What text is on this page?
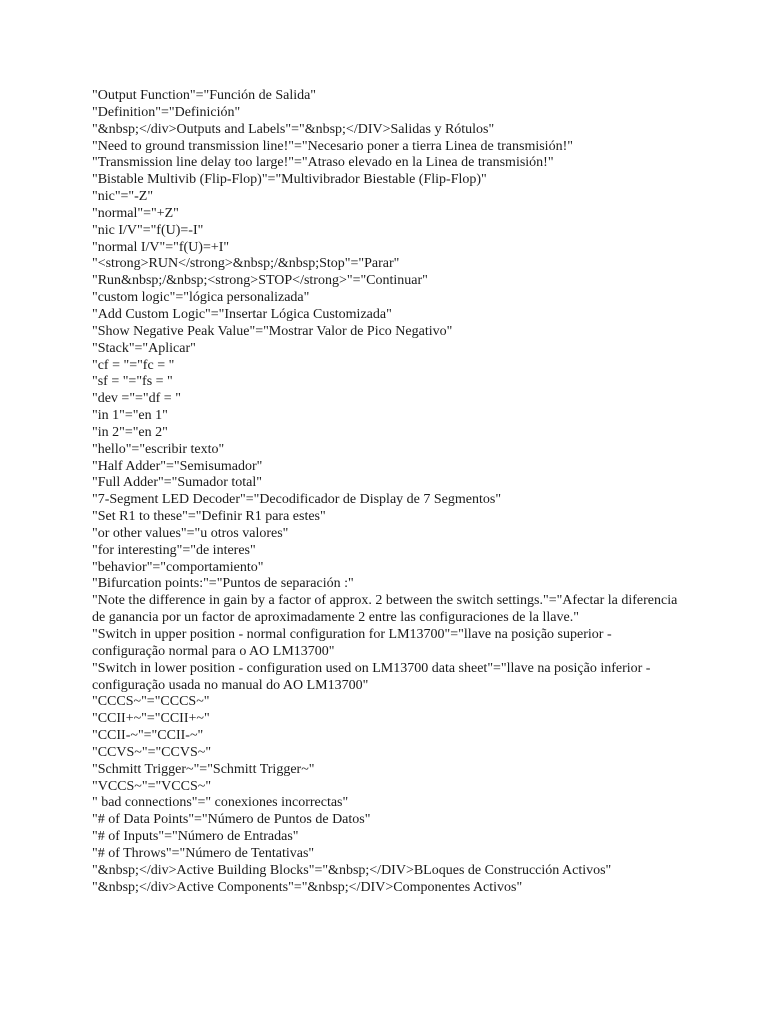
"Output Function"="Función de Salida"
"Definition"="Definición"
"&nbsp;</div>Outputs and Labels"="&nbsp;</DIV>Salidas y Rótulos"
"Need to ground transmission line!"="Necesario poner a tierra Linea de transmisión!"
"Transmission line delay too large!"="Atraso elevado en la Linea de transmisión!"
"Bistable Multivib (Flip-Flop)"="Multivibrador Biestable (Flip-Flop)"
"nic"="-Z"
"normal"="+Z"
"nic I/V"="f(U)=-I"
"normal I/V"="f(U)=+I"
"<strong>RUN</strong>&nbsp;/&nbsp;Stop"="Parar"
"Run&nbsp;/&nbsp;<strong>STOP</strong>"="Continuar"
"custom logic"="lógica personalizada"
"Add Custom Logic"="Insertar Lógica Customizada"
"Show Negative Peak Value"="Mostrar Valor de Pico Negativo"
"Stack"="Aplicar"
"cf = "="fc = "
"sf = "="fs = "
"dev ="="df = "
"in 1"="en 1"
"in 2"="en 2"
"hello"="escribir texto"
"Half Adder"="Semisumador"
"Full Adder"="Sumador total"
"7-Segment LED Decoder"="Decodificador de Display de 7 Segmentos"
"Set R1 to these"="Definir R1 para estes"
"or other values"="u otros valores"
"for interesting"="de interes"
"behavior"="comportamiento"
"Bifurcation points:"="Puntos de separación :"
"Note the difference in gain by a factor of approx. 2 between the switch settings."="Afectar la diferencia de ganancia por un factor de aproximadamente 2 entre las configuraciones de la llave."
"Switch in upper position - normal configuration for LM13700"="llave na posição superior - configuração normal para o AO LM13700"
"Switch in lower position - configuration used on LM13700 data sheet"="llave na posição inferior - configuração usada no manual do AO LM13700"
"CCCS~"="CCCS~"
"CCII+~"="CCII+~"
"CCII-~"="CCII-~"
"CCVS~"="CCVS~"
"Schmitt Trigger~"="Schmitt Trigger~"
"VCCS~"="VCCS~"
" bad connections"=" conexiones incorrectas"
"# of Data Points"="Número de Puntos de Datos"
"# of Inputs"="Número de Entradas"
"# of Throws"="Número de Tentativas"
"&nbsp;</div>Active Building Blocks"="&nbsp;</DIV>BLoques de Construcción Activos"
"&nbsp;</div>Active Components"="&nbsp;</DIV>Componentes Activos"
